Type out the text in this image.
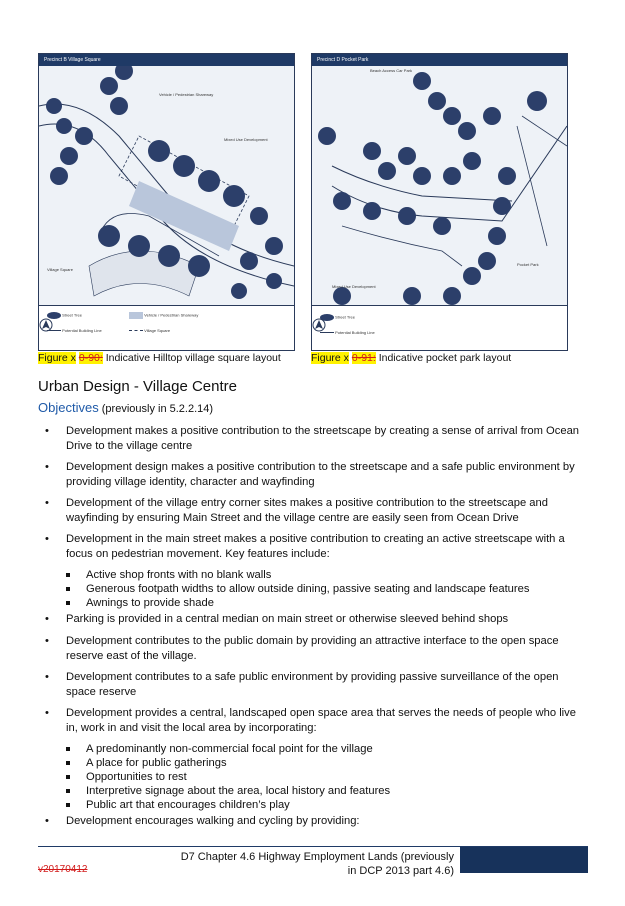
Precinct B Village Square
Vehicle / Pedestrian Shareway
Mixed Use Development
Village Square
Street Tree	Vehicle / Pedestrian Shareway
Potential Building Line	Village Square
Precinct D Pocket Park
Beach Access Car Park
Pocket Park
Mixed Use Development
Street Tree
Potential Building Line
Figure x 0-90: Indicative Hilltop village square layout	Figure x 0-91: Indicative pocket park layout
Urban Design - Village Centre
Objectives (previously in 5.2.2.14)
• Development makes a positive contribution to the streetscape by creating a sense of arrival from Ocean Drive to the village centre
• Development design makes a positive contribution to the streetscape and a safe public environment by providing village identity, character and wayfinding
• Development of the village entry corner sites makes a positive contribution to the streetscape and wayfinding by ensuring Main Street and the village centre are easily seen from Ocean Drive
• Development in the main street makes a positive contribution to creating an active streetscape with a focus on pedestrian movement. Key features include:
Active shop fronts with no blank walls
Generous footpath widths to allow outside dining, passive seating and landscape features
Awnings to provide shade
• Parking is provided in a central median on main street or otherwise sleeved behind shops
• Development contributes to the public domain by providing an attractive interface to the open space reserve east of the village.
• Development contributes to a safe public environment by providing passive surveillance of the open space reserve
• Development provides a central, landscaped open space area that serves the needs of people who live in, work in and visit the local area by incorporating:
A predominantly non-commercial focal point for the village
A place for public gatherings
Opportunities to rest
Interpretive signage about the area, local history and features
Public art that encourages children’s play
• Development encourages walking and cycling by providing:
D7 Chapter 4.6 Highway Employment Lands (previously
in DCP 2013 part 4.6)
v20170412
